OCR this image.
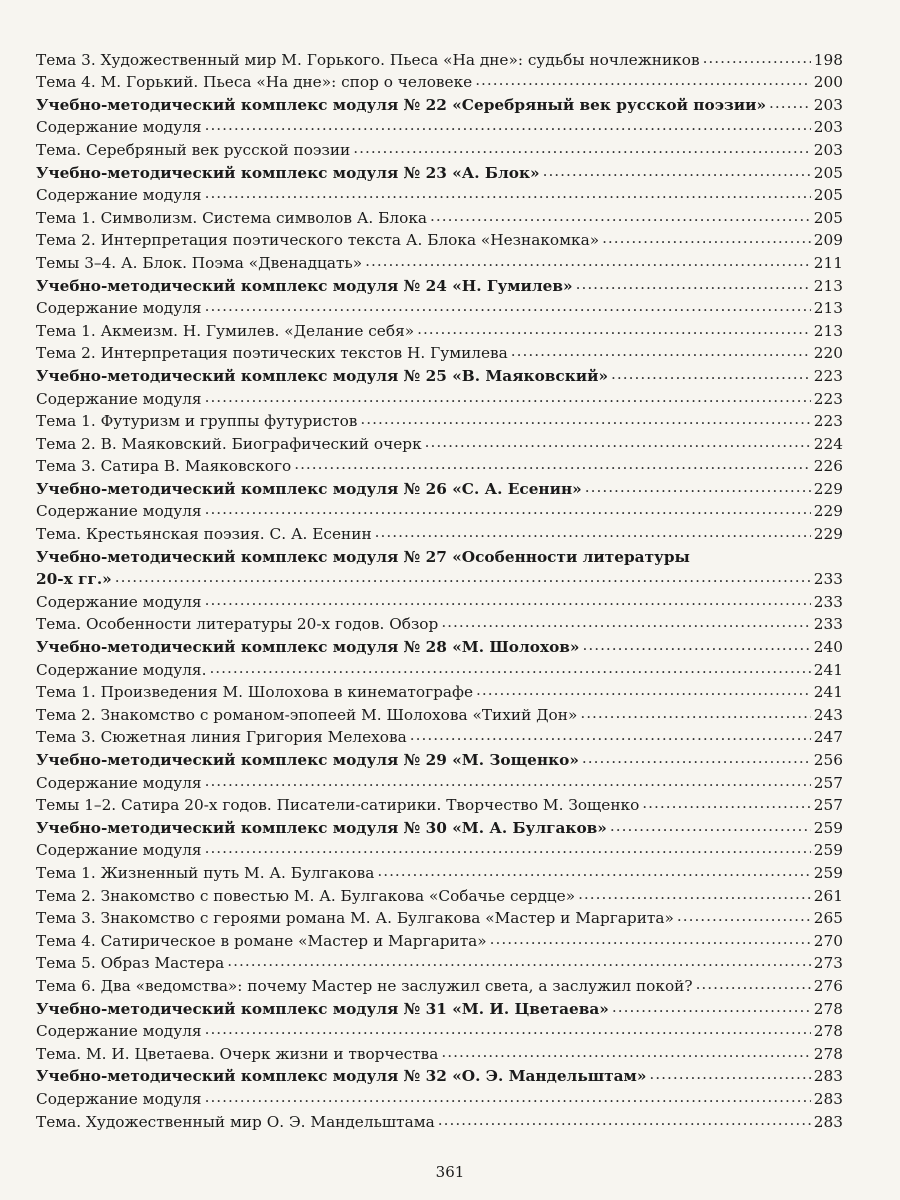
Тема 3. Художественный мир М. Горького. Пьеса «На дне»: судьбы ночлежников .....	198
Тема 4. М. Горький. Пьеса «На дне»: спор о человеке .....	200
Учебно-методический комплекс модуля № 22 «Серебряный век русской поэзии» .....	203
Содержание модуля .....	203
Тема. Серебряный век русской поэзии .....	203
Учебно-методический комплекс модуля № 23 «А. Блок» .....	205
Содержание модуля .....	205
Тема 1. Символизм. Система символов А. Блока .....	205
Тема 2. Интерпретация поэтического текста А. Блока «Незнакомка» .....	209
Темы 3–4. А. Блок. Поэма «Двенадцать» .....	211
Учебно-методический комплекс модуля № 24 «Н. Гумилев» .....	213
Содержание модуля .....	213
Тема 1. Акмеизм. Н. Гумилев. «Делание себя» .....	213
Тема 2. Интерпретация поэтических текстов Н. Гумилева .....	220
Учебно-методический комплекс модуля № 25 «В. Маяковский» .....	223
Содержание модуля .....	223
Тема 1. Футуризм и группы футуристов .....	223
Тема 2. В. Маяковский. Биографический очерк .....	224
Тема 3. Сатира В. Маяковского .....	226
Учебно-методический комплекс модуля № 26 «С. А. Есенин» .....	229
Содержание модуля .....	229
Тема. Крестьянская поэзия. С. А. Есенин .....	229
Учебно-методический комплекс модуля № 27 «Особенности литературы
20-х гг.» .....	233
Содержание модуля .....	233
Тема. Особенности литературы 20-х годов. Обзор .....	233
Учебно-методический комплекс модуля № 28 «М. Шолохов» .....	240
Содержание модуля. .....	241
Тема 1. Произведения М. Шолохова в кинематографе .....	241
Тема 2. Знакомство с романом-эпопеей М. Шолохова «Тихий Дон» .....	243
Тема 3. Сюжетная линия Григория Мелехова .....	247
Учебно-методический комплекс модуля № 29 «М. Зощенко» .....	256
Содержание модуля .....	257
Темы 1–2. Сатира 20-х годов. Писатели-сатирики. Творчество М. Зощенко .....	257
Учебно-методический комплекс модуля № 30 «М. А. Булгаков» .....	259
Содержание модуля .....	259
Тема 1. Жизненный путь М. А. Булгакова .....	259
Тема 2. Знакомство с повестью М. А. Булгакова «Собачье сердце» .....	261
Тема 3. Знакомство с героями романа М. А. Булгакова «Мастер и Маргарита» .....	265
Тема 4. Сатирическое в романе «Мастер и Маргарита» .....	270
Тема 5. Образ Мастера .....	273
Тема 6. Два «ведомства»: почему Мастер не заслужил света, а заслужил покой? .....	276
Учебно-методический комплекс модуля № 31 «М. И. Цветаева» .....	278
Содержание модуля .....	278
Тема. М. И. Цветаева. Очерк жизни и творчества .....	278
Учебно-методический комплекс модуля № 32 «О. Э. Мандельштам» .....	283
Содержание модуля .....	283
Тема. Художественный мир О. Э. Мандельштама .....	283
361
